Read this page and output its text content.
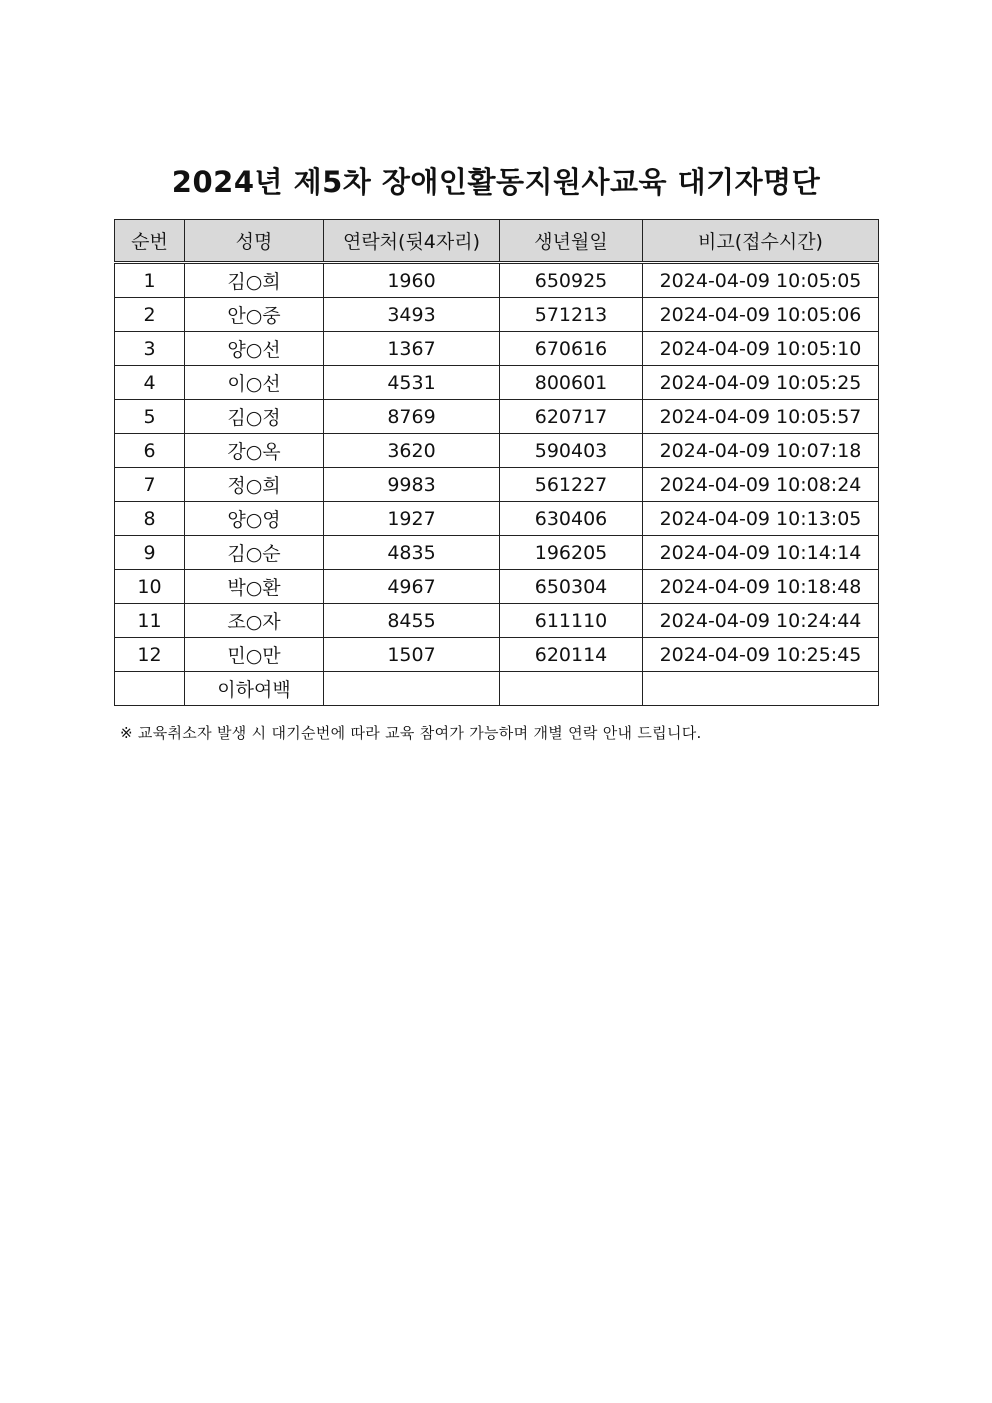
2024년 제5차 장애인활동지원사교육 대기자명단
순번	성명	연락처(뒷4자리)	생년월일	비고(접수시간)
1	김○희	1960	650925	2024-04-09 10:05:05
2	안○중	3493	571213	2024-04-09 10:05:06
3	양○선	1367	670616	2024-04-09 10:05:10
4	이○선	4531	800601	2024-04-09 10:05:25
5	김○정	8769	620717	2024-04-09 10:05:57
6	강○옥	3620	590403	2024-04-09 10:07:18
7	정○희	9983	561227	2024-04-09 10:08:24
8	양○영	1927	630406	2024-04-09 10:13:05
9	김○순	4835	196205	2024-04-09 10:14:14
10	박○환	4967	650304	2024-04-09 10:18:48
11	조○자	8455	611110	2024-04-09 10:24:44
12	민○만	1507	620114	2024-04-09 10:25:45
	이하여백			

※ 교육취소자 발생 시 대기순번에 따라 교육 참여가 가능하며 개별 연락 안내 드립니다.
